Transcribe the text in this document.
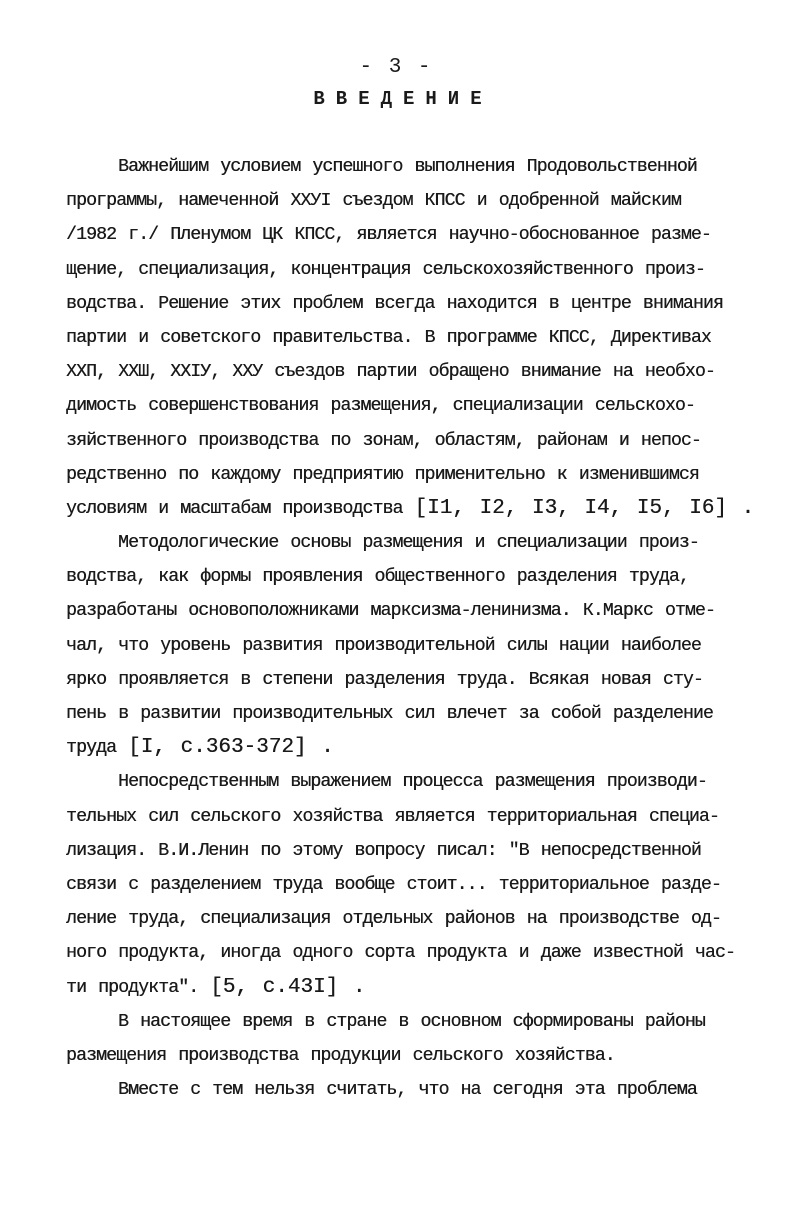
- 3 -
ВВЕДЕНИЕ
Важнейшим условием успешного выполнения Продовольственной
программы, намеченной ХХУI съездом КПСС и одобренной майским
/1982 г./ Пленумом ЦК КПСС, является научно-обоснованное разме-
щение, специализация, концентрация сельскохозяйственного произ-
водства. Решение этих проблем всегда находится в центре внимания
партии и советского правительства. В программе КПСС, Директивах
ХХП, ХХШ, ХХIУ, ХХУ съездов партии обращено внимание на необхо-
димость совершенствования размещения, специализации сельскохо-
зяйственного производства по зонам, областям, районам и непос-
редственно по каждому предприятию применительно к изменившимся
условиям и масштабам производства [I1, I2, I3, I4, I5, I6] .
Методологические основы размещения и специализации произ-
водства, как формы проявления общественного разделения труда,
разработаны основоположниками марксизма-ленинизма. К.Маркс отме-
чал, что уровень развития производительной силы нации наиболее
ярко проявляется в степени разделения труда. Всякая новая сту-
пень в развитии производительных сил влечет за собой разделение
труда [I, с.363-372] .
Непосредственным выражением процесса размещения производи-
тельных сил сельского хозяйства является территориальная специа-
лизация. В.И.Ленин по этому вопросу писал: "В непосредственной
связи с разделением труда вообще стоит... территориальное разде-
ление труда, специализация отдельных районов на производстве од-
ного продукта, иногда одного сорта продукта и даже известной час-
ти продукта". [5, с.43I] .
В настоящее время в стране в основном сформированы районы
размещения производства продукции сельского хозяйства.
Вместе с тем нельзя считать, что на сегодня эта проблема
